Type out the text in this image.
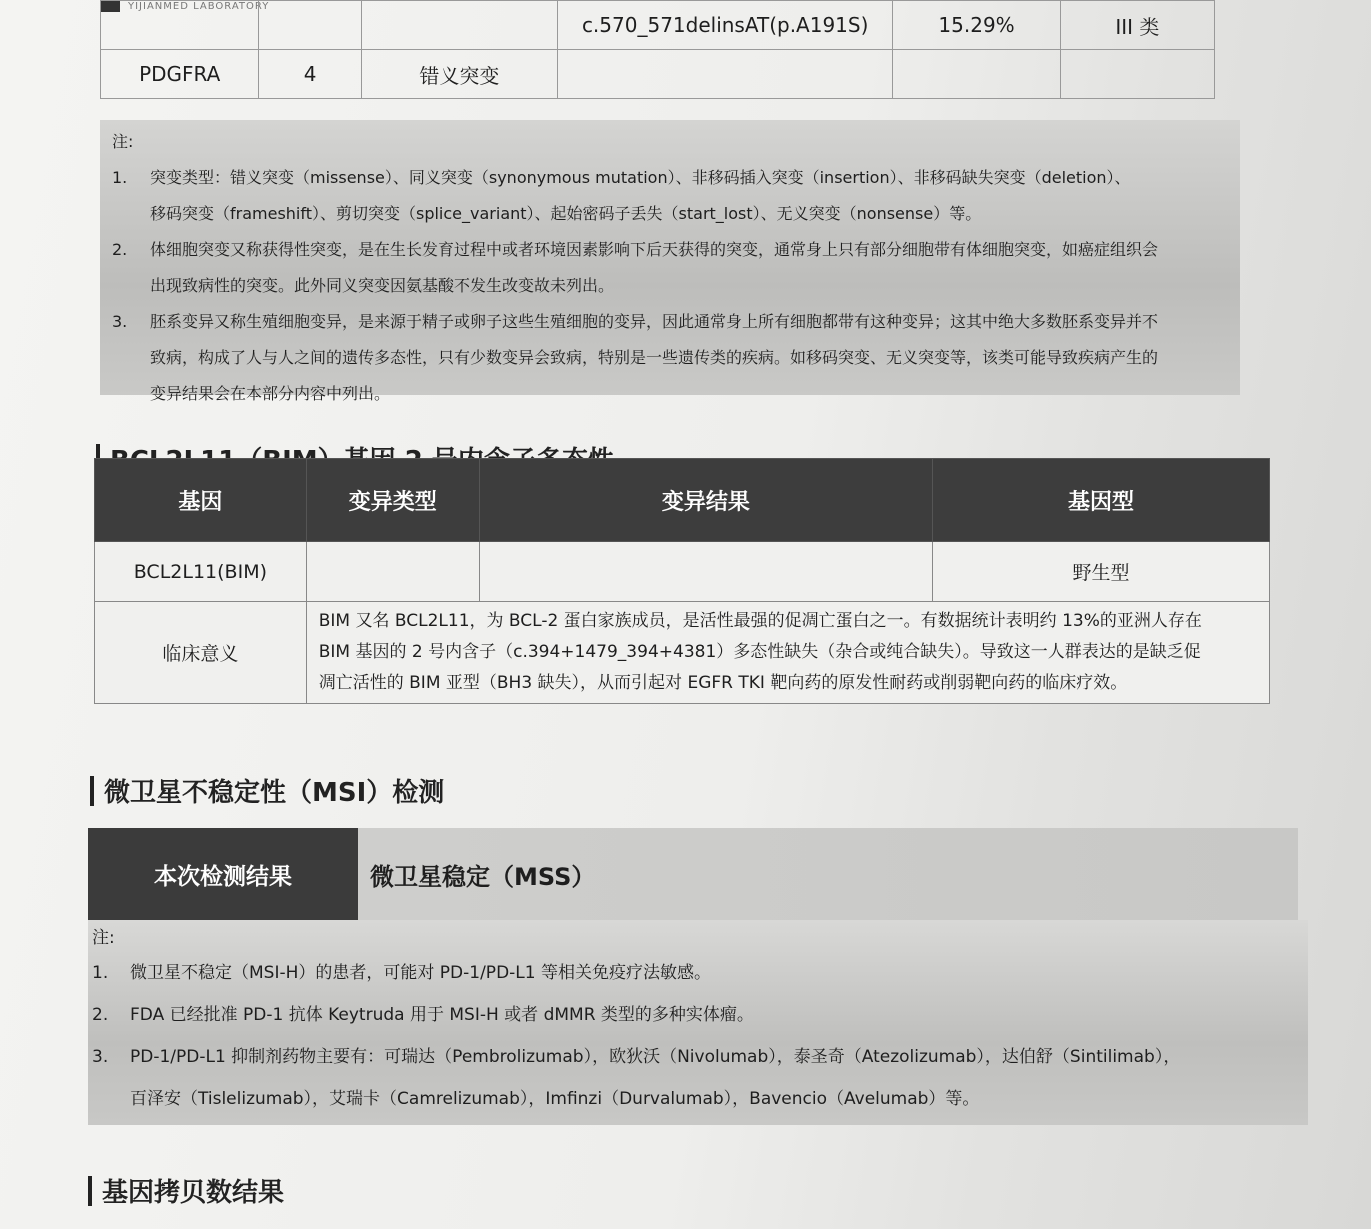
YIJIANMED LABORATORY
			c.570_571delinsAT(p.A191S)	15.29%	III 类
PDGFRA	4	错义突变			
注:
1.	突变类型：错义突变（missense）、同义突变（synonymous mutation）、非移码插入突变（insertion）、非移码缺失突变（deletion）、
移码突变（frameshift）、剪切突变（splice_variant）、起始密码子丢失（start_lost）、无义突变（nonsense）等。
2.	体细胞突变又称获得性突变，是在生长发育过程中或者环境因素影响下后天获得的突变，通常身上只有部分细胞带有体细胞突变，如癌症组织会
出现致病性的突变。此外同义突变因氨基酸不发生改变故未列出。
3.	胚系变异又称生殖细胞变异，是来源于精子或卵子这些生殖细胞的变异，因此通常身上所有细胞都带有这种变异；这其中绝大多数胚系变异并不
致病，构成了人与人之间的遗传多态性，只有少数变异会致病，特别是一些遗传类的疾病。如移码突变、无义突变等，该类可能导致疾病产生的
变异结果会在本部分内容中列出。
基因	变异类型	变异结果	基因型
BCL2L11(BIM)			野生型
临床意义	BIM 又名 BCL2L11，为 BCL-2 蛋白家族成员，是活性最强的促凋亡蛋白之一。有数据统计表明约 13%的亚洲人存在
BIM 基因的 2 号内含子（c.394+1479_394+4381）多态性缺失（杂合或纯合缺失）。导致这一人群表达的是缺乏促
凋亡活性的 BIM 亚型（BH3 缺失），从而引起对 EGFR TKI 靶向药的原发性耐药或削弱靶向药的临床疗效。		
微卫星不稳定性（MSI）检测
本次检测结果	微卫星稳定（MSS）
注:
1.	微卫星不稳定（MSI-H）的患者，可能对 PD-1/PD-L1 等相关免疫疗法敏感。
2.	FDA 已经批准 PD-1 抗体 Keytruda 用于 MSI-H 或者 dMMR 类型的多种实体瘤。
3.	PD-1/PD-L1 抑制剂药物主要有：可瑞达（Pembrolizumab），欧狄沃（Nivolumab），泰圣奇（Atezolizumab），达伯舒（Sintilimab），
百泽安（Tislelizumab），艾瑞卡（Camrelizumab），Imfinzi（Durvalumab），Bavencio（Avelumab）等。
基因拷贝数结果
